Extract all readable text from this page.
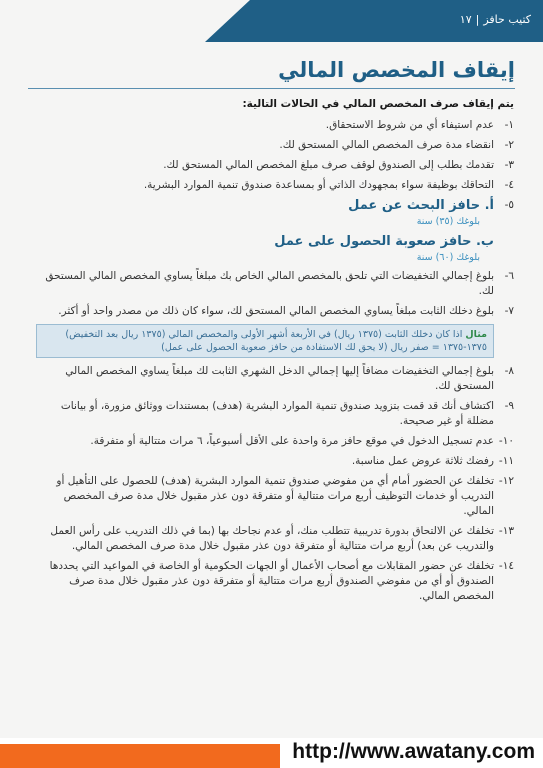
كتيب حافز|١٧
إيقاف المخصص المالي
يتم إيقاف صرف المخصص المالي في الحالات التالية:
١-
عدم استيفاء أي من شروط الاستحقاق.
٢-
انقضاء مدة صرف المخصص المالي المستحق لك.
٣-
تقدمك بطلب إلى الصندوق لوقف صرف مبلغ المخصص المالي المستحق لك.
٤-
التحاقك بوظيفة سواء بمجهودك الذاتي أو بمساعدة صندوق تنمية الموارد البشرية.
٥-
أ. حافز البحث عن عمل
بلوغك (٣٥) سنة
ب. حافز صعوبة الحصول على عمل
بلوغك (٦٠) سنة
٦-
بلوغ إجمالي التخفيضات التي تلحق بالمخصص المالي الخاص بك مبلغاً يساوي المخصص المالي المستحق لك.
٧-
بلوغ دخلك الثابت مبلغاً يساوي المخصص المالي المستحق لك، سواء كان ذلك من مصدر واحد أو أكثر.
مثال اذا كان دخلك الثابت (١٣٧٥ ريال) في الأربعة أشهر الأولى والمخصص المالي (١٣٧٥ ريال بعد التخفيض)
١٣٧٥-١٣٧٥ = صفر ريال (لا يحق لك الاستفادة من حافز صعوبة الحصول على عمل)
٨-
بلوغ إجمالي التخفيضات مضافاً إليها إجمالي الدخل الشهري الثابت لك مبلغاً يساوي المخصص المالي المستحق لك.
٩-
اكتشاف أنك قد قمت بتزويد صندوق تنمية الموارد البشرية (هدف) بمستندات ووثائق مزورة، أو بيانات مضللة أو غير صحيحة.
١٠-
عدم تسجيل الدخول في موقع حافز مرة واحدة على الأقل أسبوعياً، ٦ مرات متتالية أو متفرقة.
١١-
رفضك ثلاثة عروض عمل مناسبة.
١٢-
تخلفك عن الحضور أمام أي من مفوضي صندوق تنمية الموارد البشرية (هدف) للحصول على التأهيل أو التدريب أو خدمات التوظيف أربع مرات متتالية أو متفرقة دون عذر مقبول خلال مدة صرف المخصص المالي.
١٣-
تخلفك عن الالتحاق بدورة تدريبية تتطلب منك، أو عدم نجاحك بها (بما في ذلك التدريب على رأس العمل والتدريب عن بعد) أربع مرات متتالية أو متفرقة دون عذر مقبول خلال مدة صرف المخصص المالي.
١٤-
تخلفك عن حضور المقابلات مع أصحاب الأعمال أو الجهات الحكومية أو الخاصة في المواعيد التي يحددها الصندوق أو أي من مفوضي الصندوق أربع مرات متتالية أو متفرقة دون عذر مقبول خلال مدة صرف المخصص المالي.
http://www.awatany.com
